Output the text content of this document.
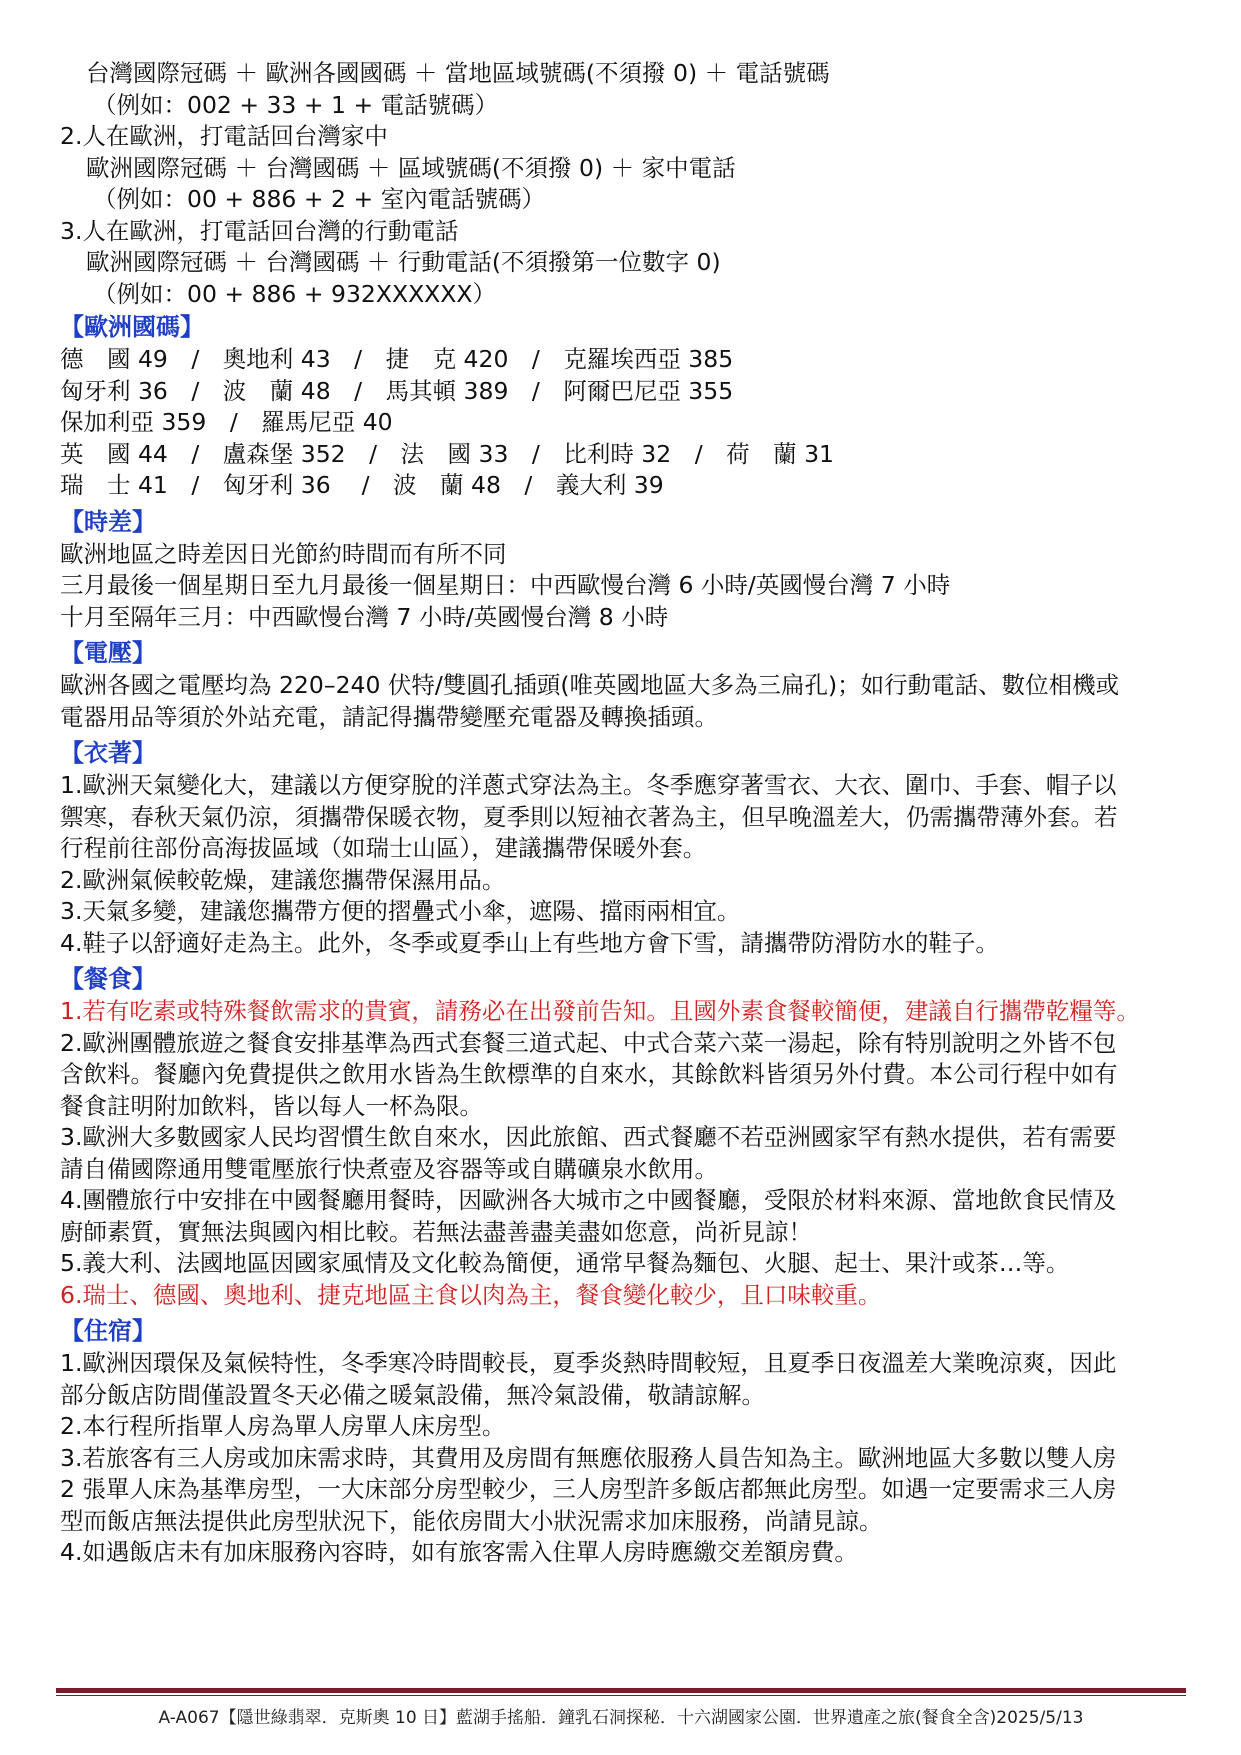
台灣國際冠碼 ＋ 歐洲各國國碼 ＋ 當地區域號碼(不須撥 0) ＋ 電話號碼
（例如：002 + 33 + 1 + 電話號碼）
2.人在歐洲，打電話回台灣家中
歐洲國際冠碼 ＋ 台灣國碼 ＋ 區域號碼(不須撥 0) ＋ 家中電話
（例如：00 + 886 + 2 + 室內電話號碼）
3.人在歐洲，打電話回台灣的行動電話
歐洲國際冠碼 ＋ 台灣國碼 ＋ 行動電話(不須撥第一位數字 0)
（例如：00 + 886 + 932XXXXXX）
【歐洲國碼】
德　國 49　/　奧地利 43　/　捷　克 420　/　克羅埃西亞 385
匈牙利 36　/　波　蘭 48　/　馬其頓 389　/　阿爾巴尼亞 355
保加利亞 359　/　羅馬尼亞 40
英　國 44　/　盧森堡 352　/　法　國 33　/　比利時 32　/　荷　蘭 31
瑞　士 41　/　匈牙利 36　 /　波　蘭 48　/　義大利 39
【時差】
歐洲地區之時差因日光節約時間而有所不同
三月最後一個星期日至九月最後一個星期日：中西歐慢台灣 6 小時/英國慢台灣 7 小時
十月至隔年三月：中西歐慢台灣 7 小時/英國慢台灣 8 小時
【電壓】
歐洲各國之電壓均為 220–240 伏特/雙圓孔插頭(唯英國地區大多為三扁孔)；如行動電話、數位相機或
電器用品等須於外站充電，請記得攜帶變壓充電器及轉換插頭。
【衣著】
1.歐洲天氣變化大，建議以方便穿脫的洋蔥式穿法為主。冬季應穿著雪衣、大衣、圍巾、手套、帽子以
禦寒，春秋天氣仍涼，須攜帶保暖衣物，夏季則以短袖衣著為主，但早晚溫差大，仍需攜帶薄外套。若
行程前往部份高海拔區域（如瑞士山區），建議攜帶保暖外套。
2.歐洲氣候較乾燥，建議您攜帶保濕用品。
3.天氣多變，建議您攜帶方便的摺疊式小傘，遮陽、擋雨兩相宜。
4.鞋子以舒適好走為主。此外，冬季或夏季山上有些地方會下雪，請攜帶防滑防水的鞋子。
【餐食】
1.若有吃素或特殊餐飲需求的貴賓，請務必在出發前告知。且國外素食餐較簡便，建議自行攜帶乾糧等。
2.歐洲團體旅遊之餐食安排基準為西式套餐三道式起、中式合菜六菜一湯起，除有特別說明之外皆不包
含飲料。餐廳內免費提供之飲用水皆為生飲標準的自來水，其餘飲料皆須另外付費。本公司行程中如有
餐食註明附加飲料，皆以每人一杯為限。
3.歐洲大多數國家人民均習慣生飲自來水，因此旅館、西式餐廳不若亞洲國家罕有熱水提供，若有需要
請自備國際通用雙電壓旅行快煮壺及容器等或自購礦泉水飲用。
4.團體旅行中安排在中國餐廳用餐時，因歐洲各大城市之中國餐廳，受限於材料來源、當地飲食民情及
廚師素質，實無法與國內相比較。若無法盡善盡美盡如您意，尚祈見諒！
5.義大利、法國地區因國家風情及文化較為簡便，通常早餐為麵包、火腿、起士、果汁或茶…等。
6.瑞士、德國、奧地利、捷克地區主食以肉為主，餐食變化較少，且口味較重。
【住宿】
1.歐洲因環保及氣候特性，冬季寒冷時間較長，夏季炎熱時間較短，且夏季日夜溫差大業晚涼爽，因此
部分飯店防間僅設置冬天必備之暖氣設備，無冷氣設備，敬請諒解。
2.本行程所指單人房為單人房單人床房型。
3.若旅客有三人房或加床需求時，其費用及房間有無應依服務人員告知為主。歐洲地區大多數以雙人房
2 張單人床為基準房型，一大床部分房型較少，三人房型許多飯店都無此房型。如遇一定要需求三人房
型而飯店無法提供此房型狀況下，能依房間大小狀況需求加床服務，尚請見諒。
4.如遇飯店未有加床服務內容時，如有旅客需入住單人房時應繳交差額房費。
A-A067【隱世綠翡翠．克斯奧 10 日】藍湖手搖船．鐘乳石洞探秘．十六湖國家公園．世界遺產之旅(餐食全含)2025/5/13
